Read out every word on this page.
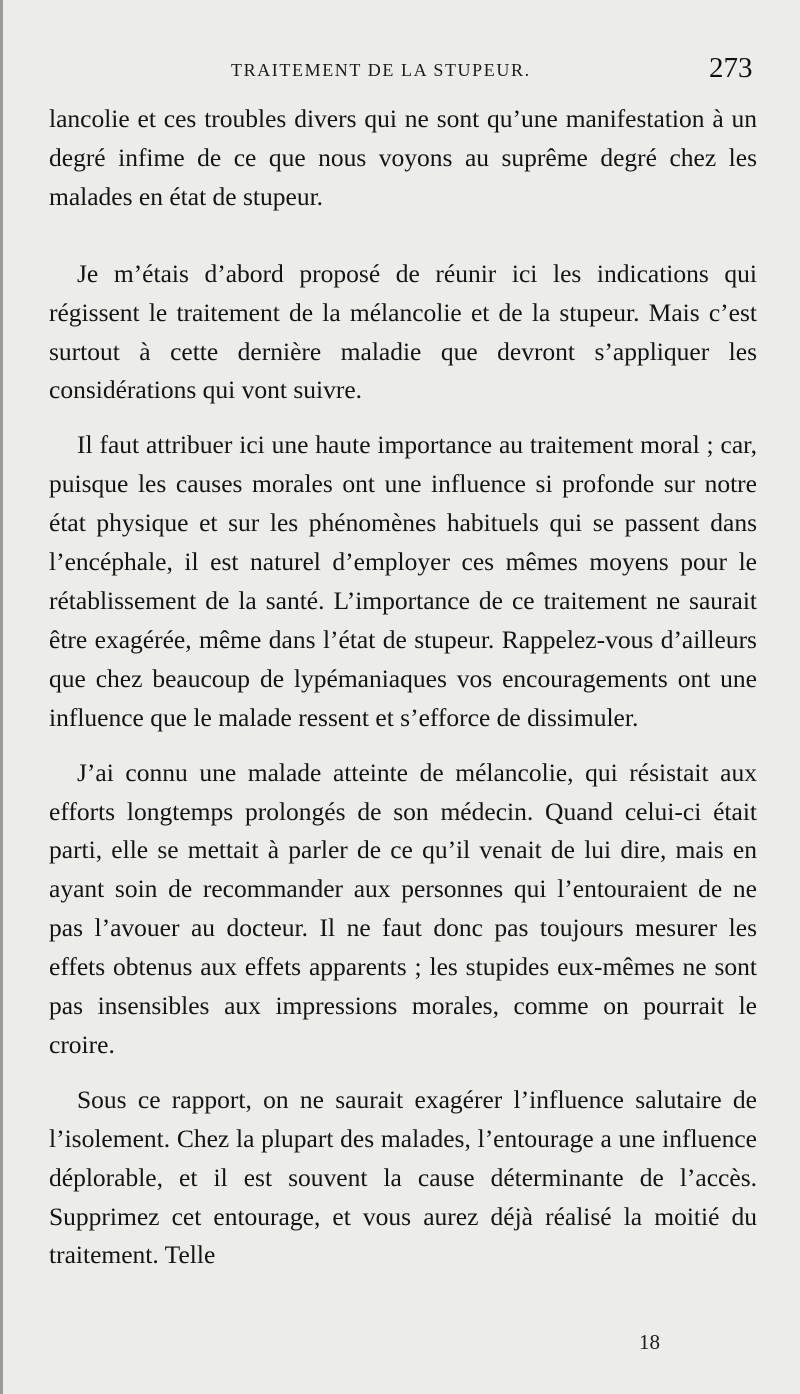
TRAITEMENT DE LA STUPEUR.	273

lancolie et ces troubles divers qui ne sont qu’une manifestation à un degré infime de ce que nous voyons au suprême degré chez les malades en état de stupeur.

Je m’étais d’abord proposé de réunir ici les indications qui régissent le traitement de la mélancolie et de la stupeur. Mais c’est surtout à cette dernière maladie que devront s’appliquer les considérations qui vont suivre.

Il faut attribuer ici une haute importance au traitement moral ; car, puisque les causes morales ont une influence si profonde sur notre état physique et sur les phénomènes habituels qui se passent dans l’encéphale, il est naturel d’employer ces mêmes moyens pour le rétablissement de la santé. L’importance de ce traitement ne saurait être exagérée, même dans l’état de stupeur. Rappelez-vous d’ailleurs que chez beaucoup de lypémaniaques vos encouragements ont une influence que le malade ressent et s’efforce de dissimuler.

J’ai connu une malade atteinte de mélancolie, qui résistait aux efforts longtemps prolongés de son médecin. Quand celui-ci était parti, elle se mettait à parler de ce qu’il venait de lui dire, mais en ayant soin de recommander aux personnes qui l’entouraient de ne pas l’avouer au docteur. Il ne faut donc pas toujours mesurer les effets obtenus aux effets apparents ; les stupides eux-mêmes ne sont pas insensibles aux impressions morales, comme on pourrait le croire.

Sous ce rapport, on ne saurait exagérer l’influence salutaire de l’isolement. Chez la plupart des malades, l’entourage a une influence déplorable, et il est souvent la cause déterminante de l’accès. Supprimez cet entourage, et vous aurez déjà réalisé la moitié du traitement. Telle

18
